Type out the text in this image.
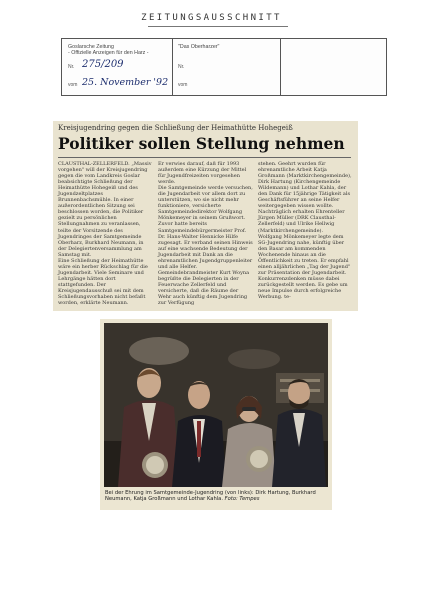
ZEITUNGSAUSSCHNITT
Goslarsche Zeitung
- Offizielle Anzeigen für den Harz -
Nr. 275/209
vom 25. November '92
"Das Oberharzer"
Nr.
vom
Kreisjugendring gegen die Schließung der Heimathütte Hohegeiß
Politiker sollen Stellung nehmen

CLAUSTHAL-ZELLERFELD. „Massiv vorgehen" will der Kreisjugendring gegen die vom Landkreis Goslar beabsichtigte Schließung der Heimathütte Hohegeiß und des Jugendzeltplatzes Brunnenbachsmühle. In einer außerordentlichen Sitzung sei beschlossen worden, die Politiker gezielt zu persönlichen Stellungnahmen zu veranlassen, teilte der Vorsitzende des Jugendringes der Samtgemeinde Oberharz, Burkhard Neumann, in der Delegiertenversammlung am Samstag mit.

Eine Schließung der Heimathütte wäre ein herber Rückschlag für die Jugendarbeit. Viele Seminare und Lehrgänge hätten dort stattgefunden. Der Kreisjugendausschuß sei mit dem Schließungsvorhaben nicht befaßt worden, erklärte Neumann.

Er verwies darauf, daß für 1993 außerdem eine Kürzung der Mittel für Jugendfreizeiten vorgesehen werde.

Die Samtgemeinde werde versuchen, die Jugendarbeit vor allem dort zu unterstützen, wo sie nicht mehr funktioniere, versicherte Samtgemeindedirektor Wolfgang Mönkemeyer in seinem Grußwort. Zuvor hatte bereits Samtgemeindebürgermeister Prof. Dr. Hans-Walter Hennicke Hilfe zugesagt. Er verband seinen Hinweis auf eine wachsende Bedeutung der Jugendarbeit mit Dank an die ehrenamtlichen Jugendgruppenleiter und alle Helfer. Gemeindebrandmeister Kurt Woyna begrüßte die Delegierten in der Feuerwache Zellerfeld und versicherte, daß die Räume der Wehr auch künftig dem Jugendring zur Verfügung

stehen. Geehrt wurden für ehrenamtliche Arbeit Katja Großmann (Marktkirchengemeinde), Dirk Hartung (Kirchengemeinde Wildemann) und Lothar Kahla, der den Dank für 15jährige Tätigkeit als Geschäftsführer an seine Helfer weitergegeben wissen wollte. Nachträglich erhalten Ehrenteller Jürgen Müller (DRK Clausthal-Zellerfeld) und Ulrike Hellwig (Marktkirchengemeinde).

Wolfgang Mönkemeyer legte dem SG-Jugendring nahe, künftig über den Basar am kommenden Wochenende hinaus an die Öffentlichkeit zu treten. Er empfahl einen alljährlichen „Tag der Jugend" zur Präsentation der Jugendarbeit. Konkurrenzdenken müsse dabei zurückgestellt werden. Es gebe um neue Impulse durch erfolgreiche Werbung. te-

Bei der Ehrung im Samtgemeinde-Jugendring (von links): Dirk Hartung, Burkhard Neumann, Katja Großmann und Lothar Kahla. Foto: Tempes
